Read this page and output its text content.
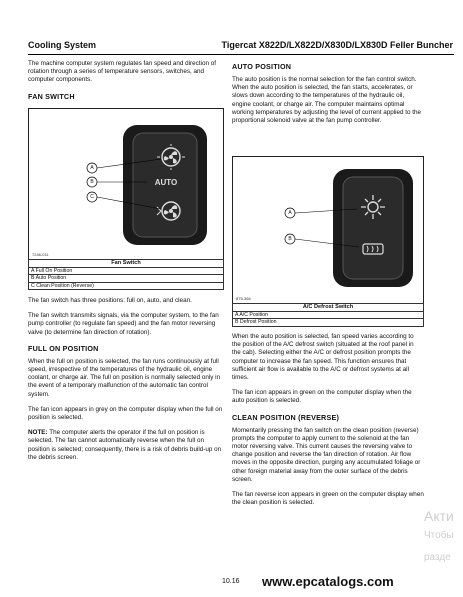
Cooling System	Tigercat X822D/LX822D/X830D/LX830D Feller Buncher

The machine computer system regulates fan speed and direction of rotation through a series of temperature sensors, switches, and computer components.

FAN SWITCH
AUTO
A
B
C
7246-011
Fan Switch
A Full On Position
B Auto Position
C Clean Position (Reverse)

The fan switch has three positions: full on, auto, and clean.

The fan switch transmits signals, via the computer system, to the fan pump controller (to regulate fan speed) and the fan motor reversing valve (to determine fan direction of rotation).

FULL ON POSITION

When the full on position is selected, the fan runs continuously at full speed, irrespective of the temperatures of the hydraulic oil, engine coolant, or charge air. The full on position is normally selected only in the event of a temporary malfunction of the automatic fan control system.

The fan icon appears in grey on the computer display when the full on position is selected.

NOTE: The computer alerts the operator if the full on position is selected. The fan cannot automatically reverse when the full on position is selected; consequently, there is a risk of debris build-up on the debris screen.

AUTO POSITION

The auto position is the normal selection for the fan control switch. When the auto position is selected, the fan starts, accelerates, or slows down according to the temperatures of the hydraulic oil, engine coolant, or charge air. The computer maintains optimal working temperatures by adjusting the level of current applied to the proportional solenoid valve at the fan pump controller.

A
B
875-366
A/C Defrost Switch
A A/C Position
B Defrost Position

When the auto position is selected, fan speed varies according to the position of the A/C defrost switch (situated at the roof panel in the cab). Selecting either the A/C or defrost position prompts the computer to increase the fan speed. This function ensures that sufficient air flow is available to the A/C or defrost systems at all times.

The fan icon appears in green on the computer display when the auto position is selected.

CLEAN POSITION (REVERSE)

Momentarily pressing the fan switch on the clean position (reverse) prompts the computer to apply current to the solenoid at the fan motor reversing valve. This current causes the reversing valve to change position and reverse the fan direction of rotation. Air flow moves in the opposite direction, purging any accumulated foliage or other foreign material away from the outer surface of the debris screen.

The fan reverse icon appears in green on the computer display when the clean position is selected.

Акти
Чтобы
разде
10.16 www.epcatalogs.com
